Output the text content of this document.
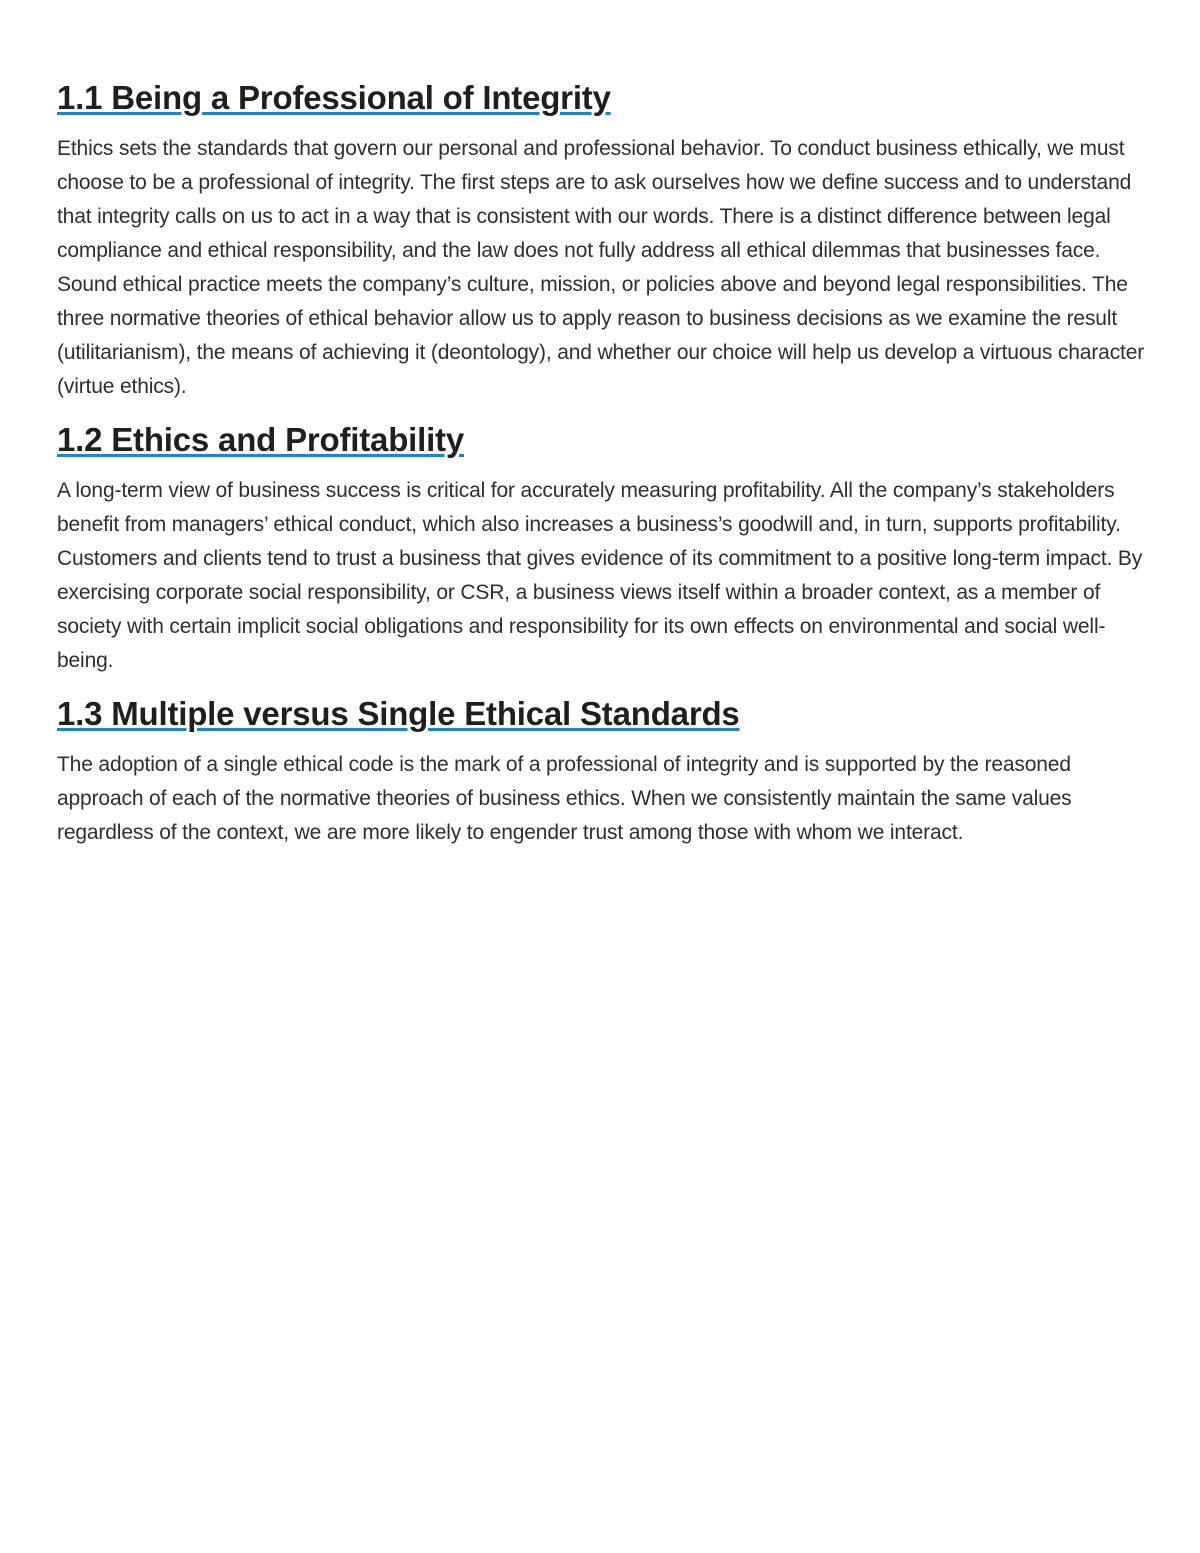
1.1 Being a Professional of Integrity

Ethics sets the standards that govern our personal and professional behavior. To conduct business ethically, we must choose to be a professional of integrity. The first steps are to ask ourselves how we define success and to understand that integrity calls on us to act in a way that is consistent with our words. There is a distinct difference between legal compliance and ethical responsibility, and the law does not fully address all ethical dilemmas that businesses face. Sound ethical practice meets the company’s culture, mission, or policies above and beyond legal responsibilities. The three normative theories of ethical behavior allow us to apply reason to business decisions as we examine the result (utilitarianism), the means of achieving it (deontology), and whether our choice will help us develop a virtuous character (virtue ethics).

1.2 Ethics and Profitability

A long-term view of business success is critical for accurately measuring profitability. All the company’s stakeholders benefit from managers’ ethical conduct, which also increases a business’s goodwill and, in turn, supports profitability. Customers and clients tend to trust a business that gives evidence of its commitment to a positive long-term impact. By exercising corporate social responsibility, or CSR, a business views itself within a broader context, as a member of society with certain implicit social obligations and responsibility for its own effects on environmental and social well-being.

1.3 Multiple versus Single Ethical Standards

The adoption of a single ethical code is the mark of a professional of integrity and is supported by the reasoned approach of each of the normative theories of business ethics. When we consistently maintain the same values regardless of the context, we are more likely to engender trust among those with whom we interact.
